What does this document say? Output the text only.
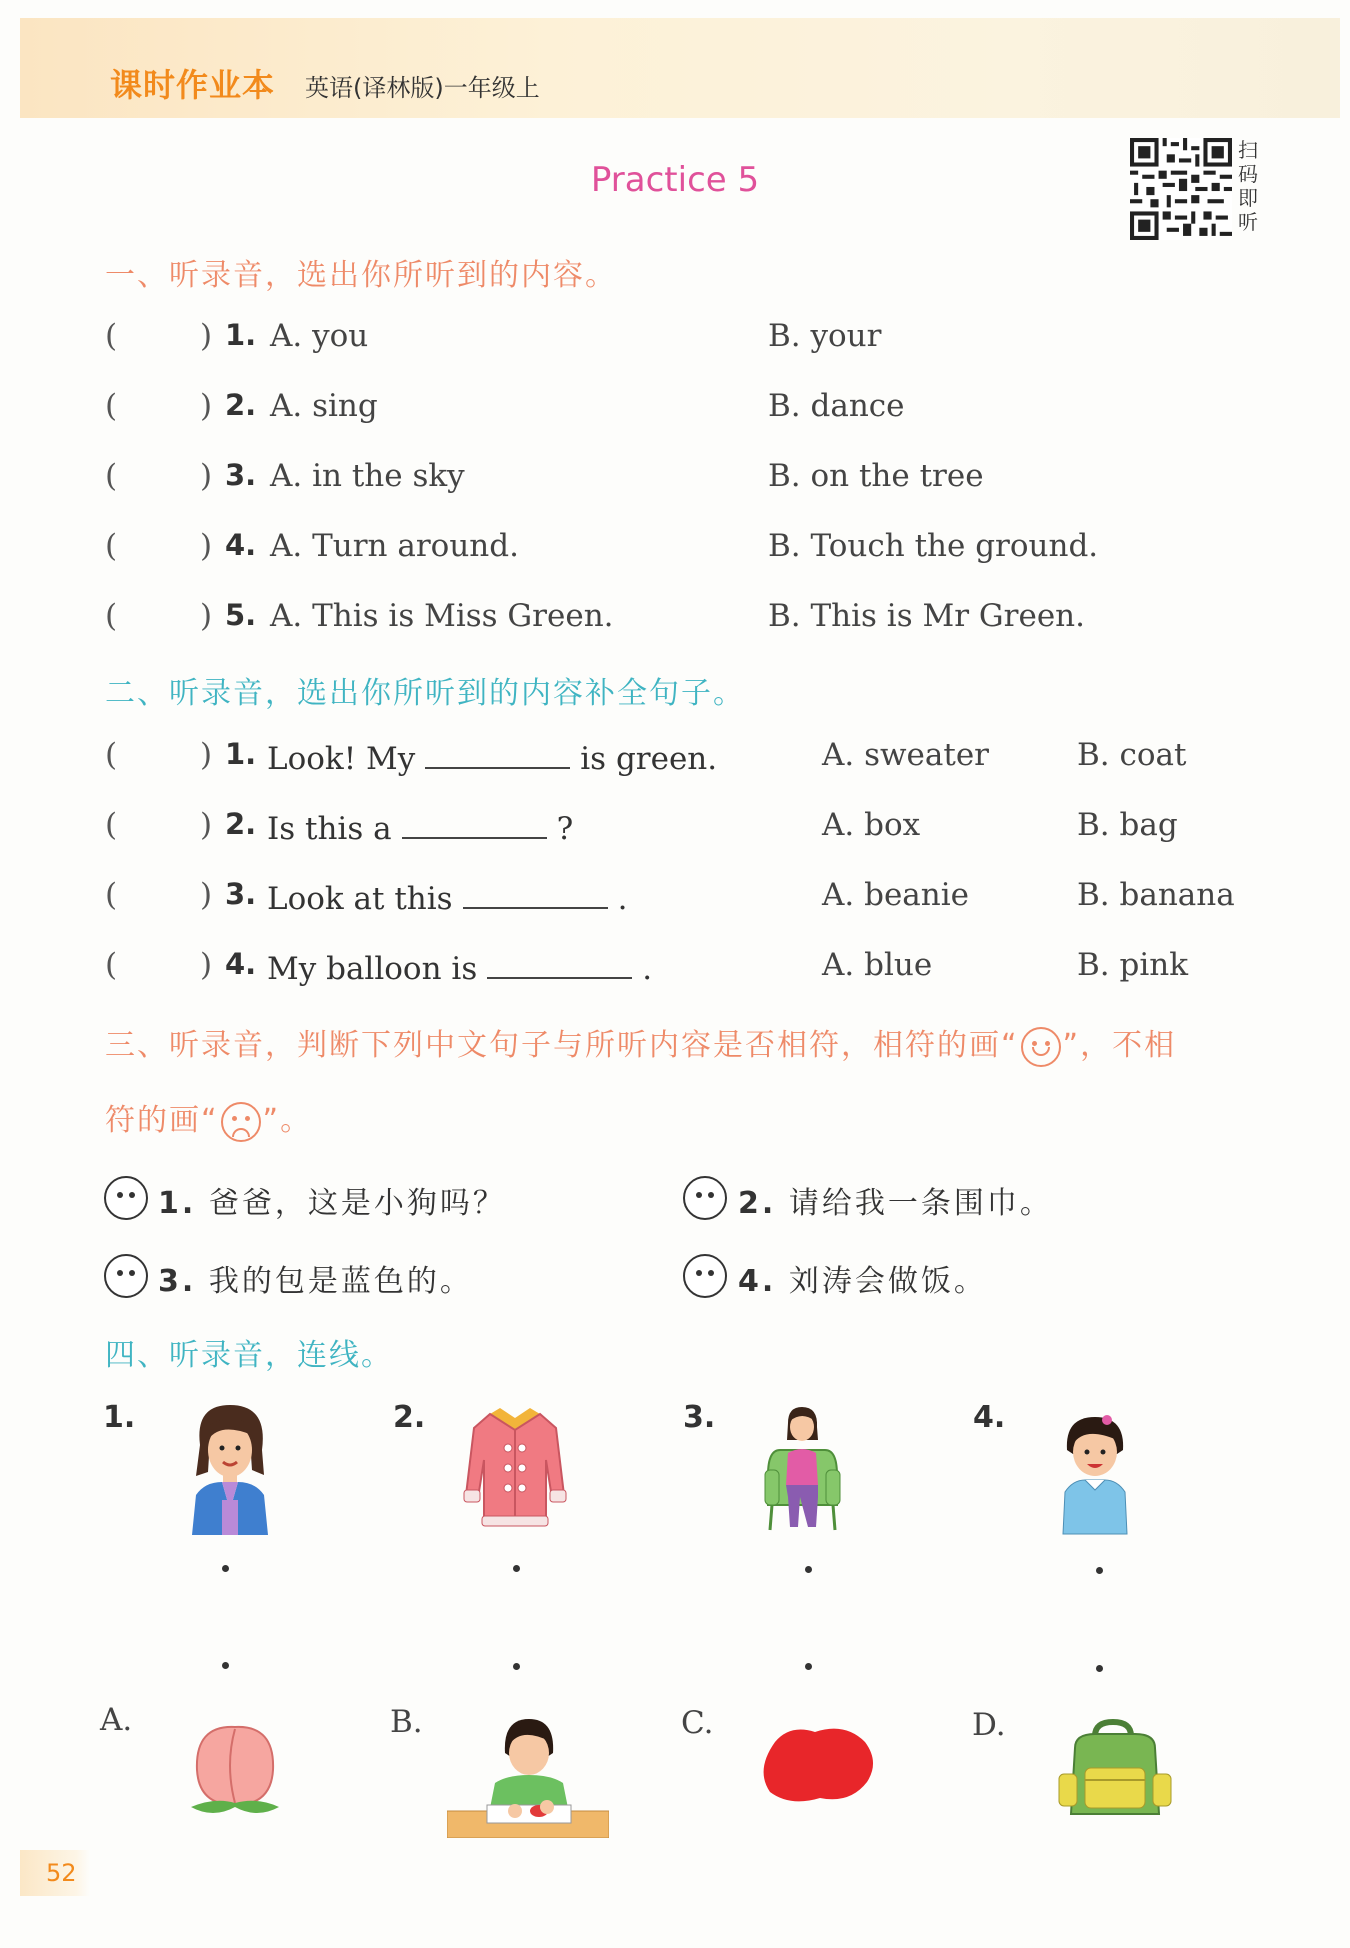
课时作业本 英语(译林版)一年级上
Practice 5
扫码即听
一、听录音，选出你所听到的内容。
(	) 1. A. you	B. your
(	) 2. A. sing	B. dance
(	) 3. A. in the sky	B. on the tree
(	) 4. A. Turn around.	B. Touch the ground.
(	) 5. A. This is Miss Green.	B. This is Mr Green.
二、听录音，选出你所听到的内容补全句子。
(	) 1. Look! My	is green.	A. sweater	B. coat
(	) 2. Is this a	?	A. box	B. bag
(	) 3. Look at this	.	A. beanie	B. banana
(	) 4. My balloon is	.	A. blue	B. pink
三、听录音，判断下列中文句子与所听内容是否相符，相符的画“ ”，不相
符的画“ ”。
1. 爸爸，这是小狗吗？	2. 请给我一条围巾。
3. 我的包是蓝色的。	4. 刘涛会做饭。
四、听录音，连线。
1.	2.	3.	4.
A.	B.	C.	D.
52
